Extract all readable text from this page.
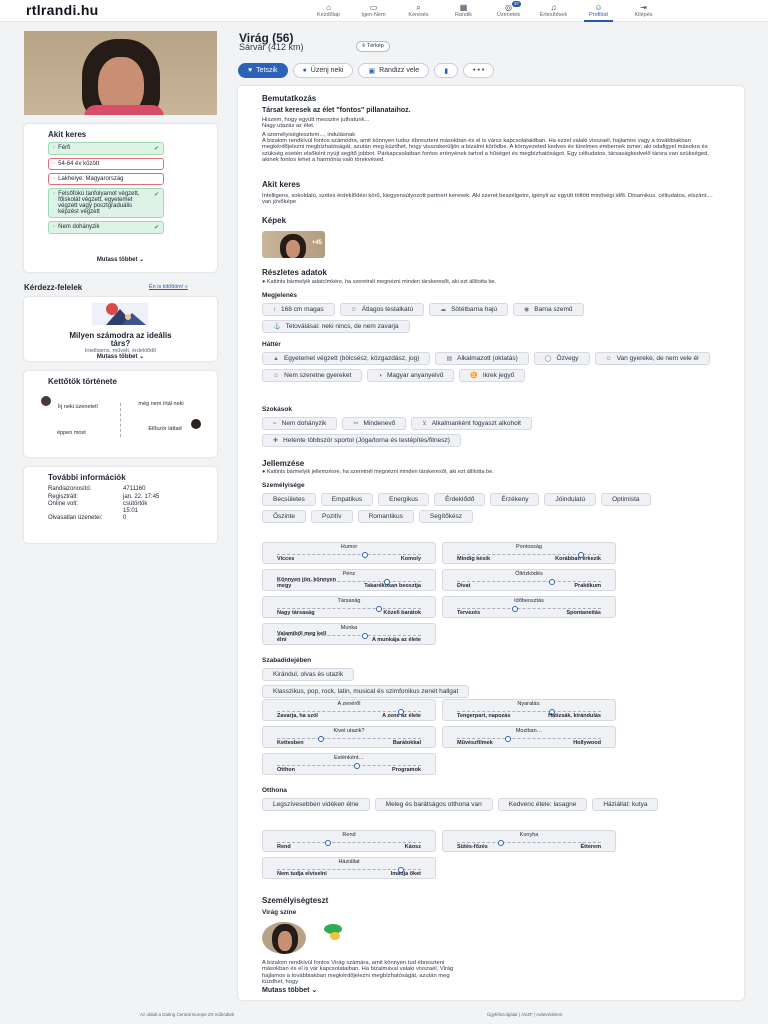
rtlrandi.hu	⌂
Kezdőlap
▭
Igen-Nem
⌕
Keresés
▦
Randik
◎ 37
Üzenetek
♫
Értesítések
☺
Profilod
⇥
Kilépés
Virág (56)
Sárvár (412 km)	⌾ Térkép
♥ Tetszik	● Üzenj neki	▣ Randizz vele	▮	• • •
Akit keres
◦ Férfi	✔
◦ 54-64 év között
◦ Lakhelye: Magyarország
◦ Felsőfokú tanfolyamot végzett, főiskolát végzett, egyetemet végzett vagy posztgraduális képzést végzett
✔
◦ Nem dohányzik	✔
Mutass többet ⌄
Kérdezz-felelek	Én is kitöltöm! »
Milyen számodra az ideális társ?
Intelligens, művelt, érdeklődő
Mutass többet ⌄
Kettőtök története
Írj neki üzenetet!	még nem írtál neki
éppen most
Először láttad
További információk
Randiazonosító:	4711160
Regisztrált:	jan. 22. 17:45
Online volt:	csütörtök 15:01
Olvasatlan üzenetei:	0
Bemutatkozás
Társat keresek az élet "fontos" pillanataihoz.
Hiszem, hogy együtt messzire juthatunk...
Nagy utazás az élet.
A személyiségtesztem..., indulásnak
A bizalom rendkívül fontos számodra, amit könnyen tudsz ébreszteni másokban és el is vársz kapcsolataidban. Ha ezzel valaki visszaél, hajlamos vagy a továbbiakban megkérdőjelezni megbízhatóságát, azután meg küzdhet, hogy visszakerüljön a bizalmi körödbe. A környezeted kedves és türelmes embernek ismer, aki odafigyel másokra és szükség esetén elsőként nyújt segítő jobbot. Párkapcsolatban fontos erényének tartod a hűséget és megbízhatóságot. Egy céltudatos, társaságkedvelő társra van szükséged, akinek fontos lehet a harmónia való törekvésed.
Akit keres
Intelligens, sokoldalú, széles érdeklődési körű, kiegyensúlyozott partnert keresek. Aki szeret beszélgetni, igényli az együtt töltött minőségi időt. Dinamikus, céltudatos, elszánt.... van jövőképe
Képek
+45
Részletes adatok
● Kattints bármelyik adatcímkére, ha szeretnél megnézni minden társkeresőt, aki ezt állította be.
Megjelenés
↕ 168 cm magas	☺ Átlagos testalkatú	☁ Sötétbarna hajú	◉ Barna szemű
⚓ Tetoválásai: neki nincs, de nem zavarja
Háttér
▲ Egyetemet végzett (bölcsész, közgazdász, jog)	▤ Alkalmazott (oktatás)	◯ Özvegy	☺ Van gyereke, de nem vele él
☺ Nem szeretne gyereket	◑ Magyar anyanyelvű	♊ Ikrek jegyű
Szokások
⌁ Nem dohányzik	✂ Mindenevő	⊻ Alkalmanként fogyaszt alkoholt
✚ Hetente többször sportol (Jóga/torna és testépítés/fitnesz)
Jellemzése
● Kattints bármelyik jellemzésre, ha szeretnél megnézni minden társkeresőt, aki ezt állította be.
Személyisége
Becsületes	Empatikus	Energikus	Érdeklődő	Érzékeny	Jóindulatú	Optimista
Őszinte	Pozitív	Romantikus	Segítőkész
Humor
Vicces	Komoly
Pontosság
Mindig késik	Korábban érkezik
Pénz
Könnyen jön, könnyen megy	Takarékosan beosztja
Öltözködés
Divat	Praktikum
Társaság
Nagy társaság	Közeli barátok
Időbeosztás
Tervezés	Spontaneitás
Munka
Valamiből meg kell élni	A munkája az élete
Szabadidejében
Kirándul, olvas és utazik
Klasszikus, pop, rock, latin, musical és szimfonikus zenét hallgat
A zenéről
Zavarja, ha szól	A zene az élete
Nyaralás:
Tengerpart, napozás	Hátizsák, kirándulás
Kivel utazik?
Kettesben	Barátokkal
Moziban…
Művészfilmek	Hollywood
Esténként…
Otthon	Programok
Otthona
Legszívesebben vidéken élne	Meleg és barátságos otthona van	Kedvenc étele: lasagne	Háziállat: kutya
Rend
Rend	Káosz
Konyha
Sütés-főzés	Étterem
Háziállat
Nem tudja elviselni	Imádja őket
Személyiségteszt
Virág színe
A bizalom rendkívül fontos Virág számára, amit könnyen tud ébreszteni másokban és el is vár kapcsolataiban. Ha bizalmával valaki visszaél, Virág hajlamos a továbbiakban megkérdőjelezni megbízhatóságát, azután meg küzdhet, hogy
Mutass többet ⌄
Az oldalt a Dating Central Europe Zrt működteti	Ügyfélszolgálat | ÁSZF | Adatvédelem
